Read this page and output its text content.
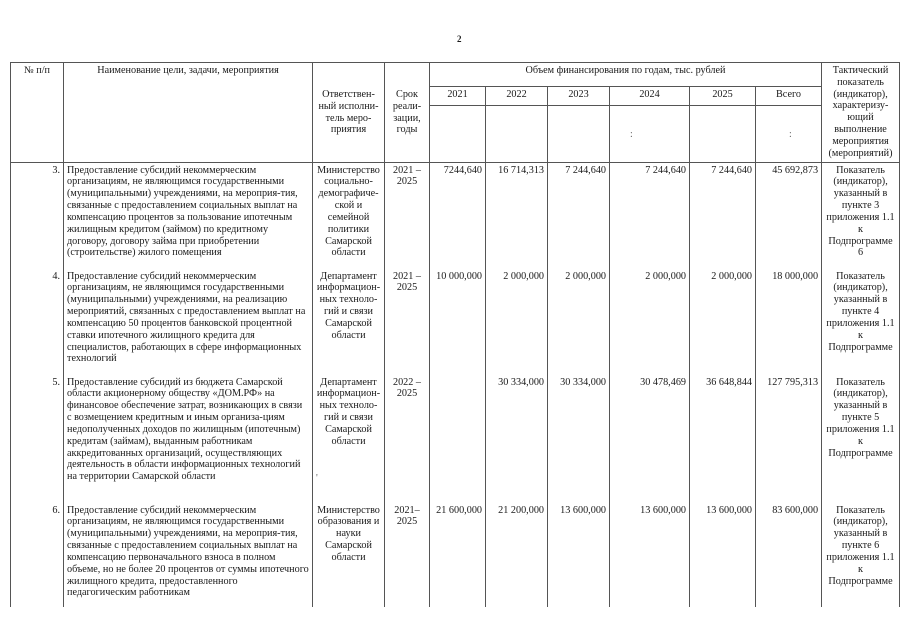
2
№ п/п	Наименование цели, задачи, мероприятия	Ответствен-ный исполни-тель меро-приятия	Срок реали-зации, годы	Объем финансирования по годам, тыс. рублей						Тактический показатель (индикатор), характеризу-ющий выполнение мероприятия (мероприятий)
				2021	2022	2023	2024	2025	Всего	

3.	Предоставление субсидий некоммерческим организациям, не являющимся государственными (муниципальными) учреждениями, на мероприя-тия, связанные с предоставлением социальных выплат на компенсацию процентов за пользование ипотечным жилищным кредитом (займом) по кредитному договору, договору займа при приобретении (строительстве) жилого помещения	Министерство социально-демографиче-ской и семейной политики Самарской области	2021 – 2025	7244,640	16 714,313	7 244,640	7 244,640	7 244,640	45 692,873	Показатель (индикатор), указанный в пункте 3 приложения 1.1 к Подпрограмме 6
4.	Предоставление субсидий некоммерческим организациям, не являющимся государственными (муниципальными) учреждениями, на реализацию мероприятий, связанных с предоставлением выплат на компенсацию 50 процентов банковской процентной ставки ипотечного жилищного кредита для специалистов, работающих в сфере информационных технологий	Департамент информацион-ных техноло-гий и связи Самарской области	2021 – 2025	10 000,000	2 000,000	2 000,000	2 000,000	2 000,000	18 000,000	Показатель (индикатор), указанный в пункте 4 приложения 1.1 к Подпрограмме
5.	Предоставление субсидий из бюджета Самарской области акционерному обществу «ДОМ.РФ» на финансовое обеспечение затрат, возникающих в связи с возмещением кредитным и иным организа-циям недополученных доходов по жилищным (ипотечным) кредитам (займам), выданным работникам аккредитованных организаций, осуществляющих деятельность в области информационных технологий на территории Самарской области	Департамент информацион-ных техноло-гий и связи Самарской области	2022 – 2025		30 334,000	30 334,000	30 478,469	36 648,844	127 795,313	Показатель (индикатор), указанный в пункте 5 приложения 1.1 к Подпрограмме
6.	Предоставление субсидий некоммерческим организациям, не являющимся государственными (муниципальными) учреждениями, на мероприя-тия, связанные с предоставлением социальных выплат на компенсацию первоначального взноса в полном объеме, но не более 20 процентов от суммы ипотечного жилищного кредита, предоставленного педагогическим работникам	Министерство образования и науки Самарской области	2021– 2025	21 600,000	21 200,000	13 600,000	13 600,000	13 600,000	83 600,000	Показатель (индикатор), указанный в пункте 6 приложения 1.1 к Подпрограмме
:	:
'
